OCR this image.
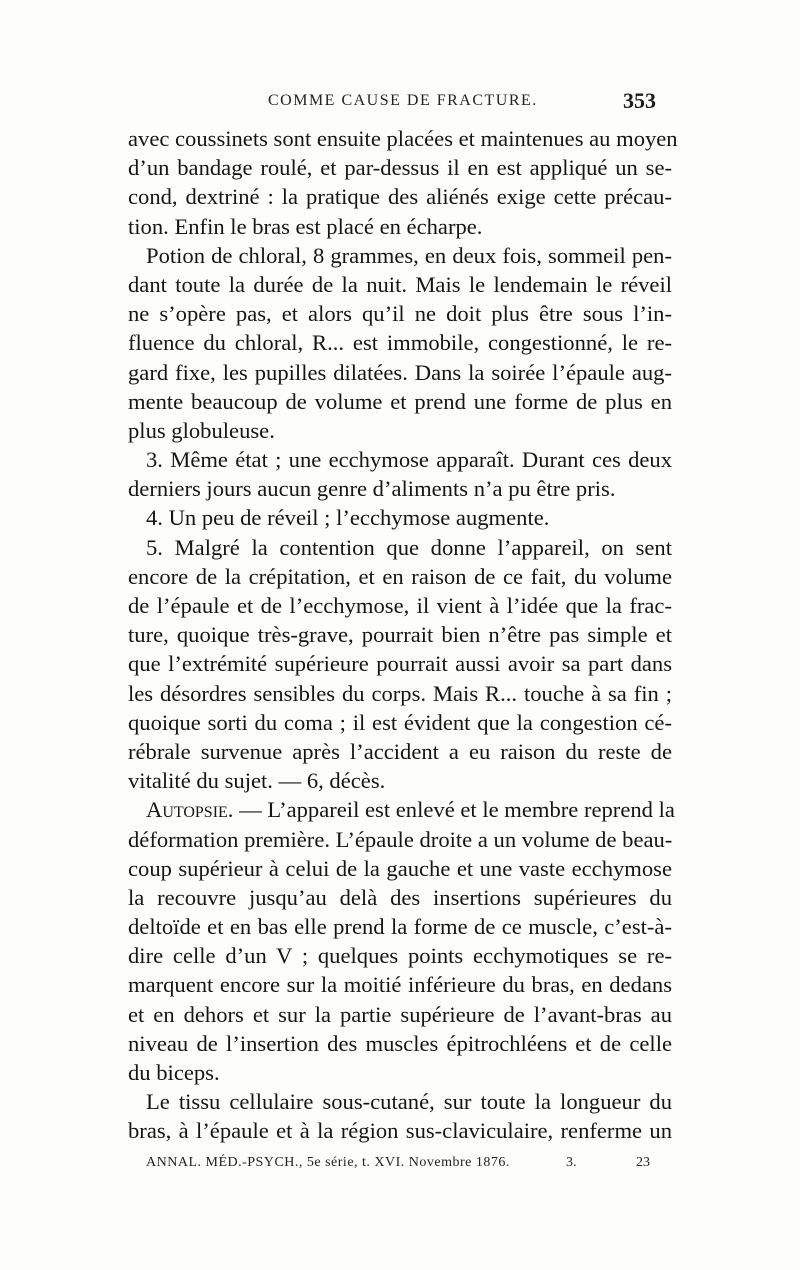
COMME CAUSE DE FRACTURE.	353
avec coussinets sont ensuite placées et maintenues au moyen
d’un bandage roulé, et par-dessus il en est appliqué un se-
cond, dextriné : la pratique des aliénés exige cette précau-
tion. Enfin le bras est placé en écharpe.
Potion de chloral, 8 grammes, en deux fois, sommeil pen-
dant toute la durée de la nuit. Mais le lendemain le réveil
ne s’opère pas, et alors qu’il ne doit plus être sous l’in-
fluence du chloral, R... est immobile, congestionné, le re-
gard fixe, les pupilles dilatées. Dans la soirée l’épaule aug-
mente beaucoup de volume et prend une forme de plus en
plus globuleuse.
3. Même état ; une ecchymose apparaît. Durant ces deux
derniers jours aucun genre d’aliments n’a pu être pris.
4. Un peu de réveil ; l’ecchymose augmente.
5. Malgré la contention que donne l’appareil, on sent
encore de la crépitation, et en raison de ce fait, du volume
de l’épaule et de l’ecchymose, il vient à l’idée que la frac-
ture, quoique très-grave, pourrait bien n’être pas simple et
que l’extrémité supérieure pourrait aussi avoir sa part dans
les désordres sensibles du corps. Mais R... touche à sa fin ;
quoique sorti du coma ; il est évident que la congestion cé-
rébrale survenue après l’accident a eu raison du reste de
vitalité du sujet. — 6, décès.
Autopsie. — L’appareil est enlevé et le membre reprend la
déformation première. L’épaule droite a un volume de beau-
coup supérieur à celui de la gauche et une vaste ecchymose
la recouvre jusqu’au delà des insertions supérieures du
deltoïde et en bas elle prend la forme de ce muscle, c’est-à-
dire celle d’un V ; quelques points ecchymotiques se re-
marquent encore sur la moitié inférieure du bras, en dedans
et en dehors et sur la partie supérieure de l’avant-bras au
niveau de l’insertion des muscles épitrochléens et de celle
du biceps.
Le tissu cellulaire sous-cutané, sur toute la longueur du
bras, à l’épaule et à la région sus-claviculaire, renferme un
ANNAL. MÉD.-PSYCH., 5e série, t. XVI. Novembre 1876.	3.	23
